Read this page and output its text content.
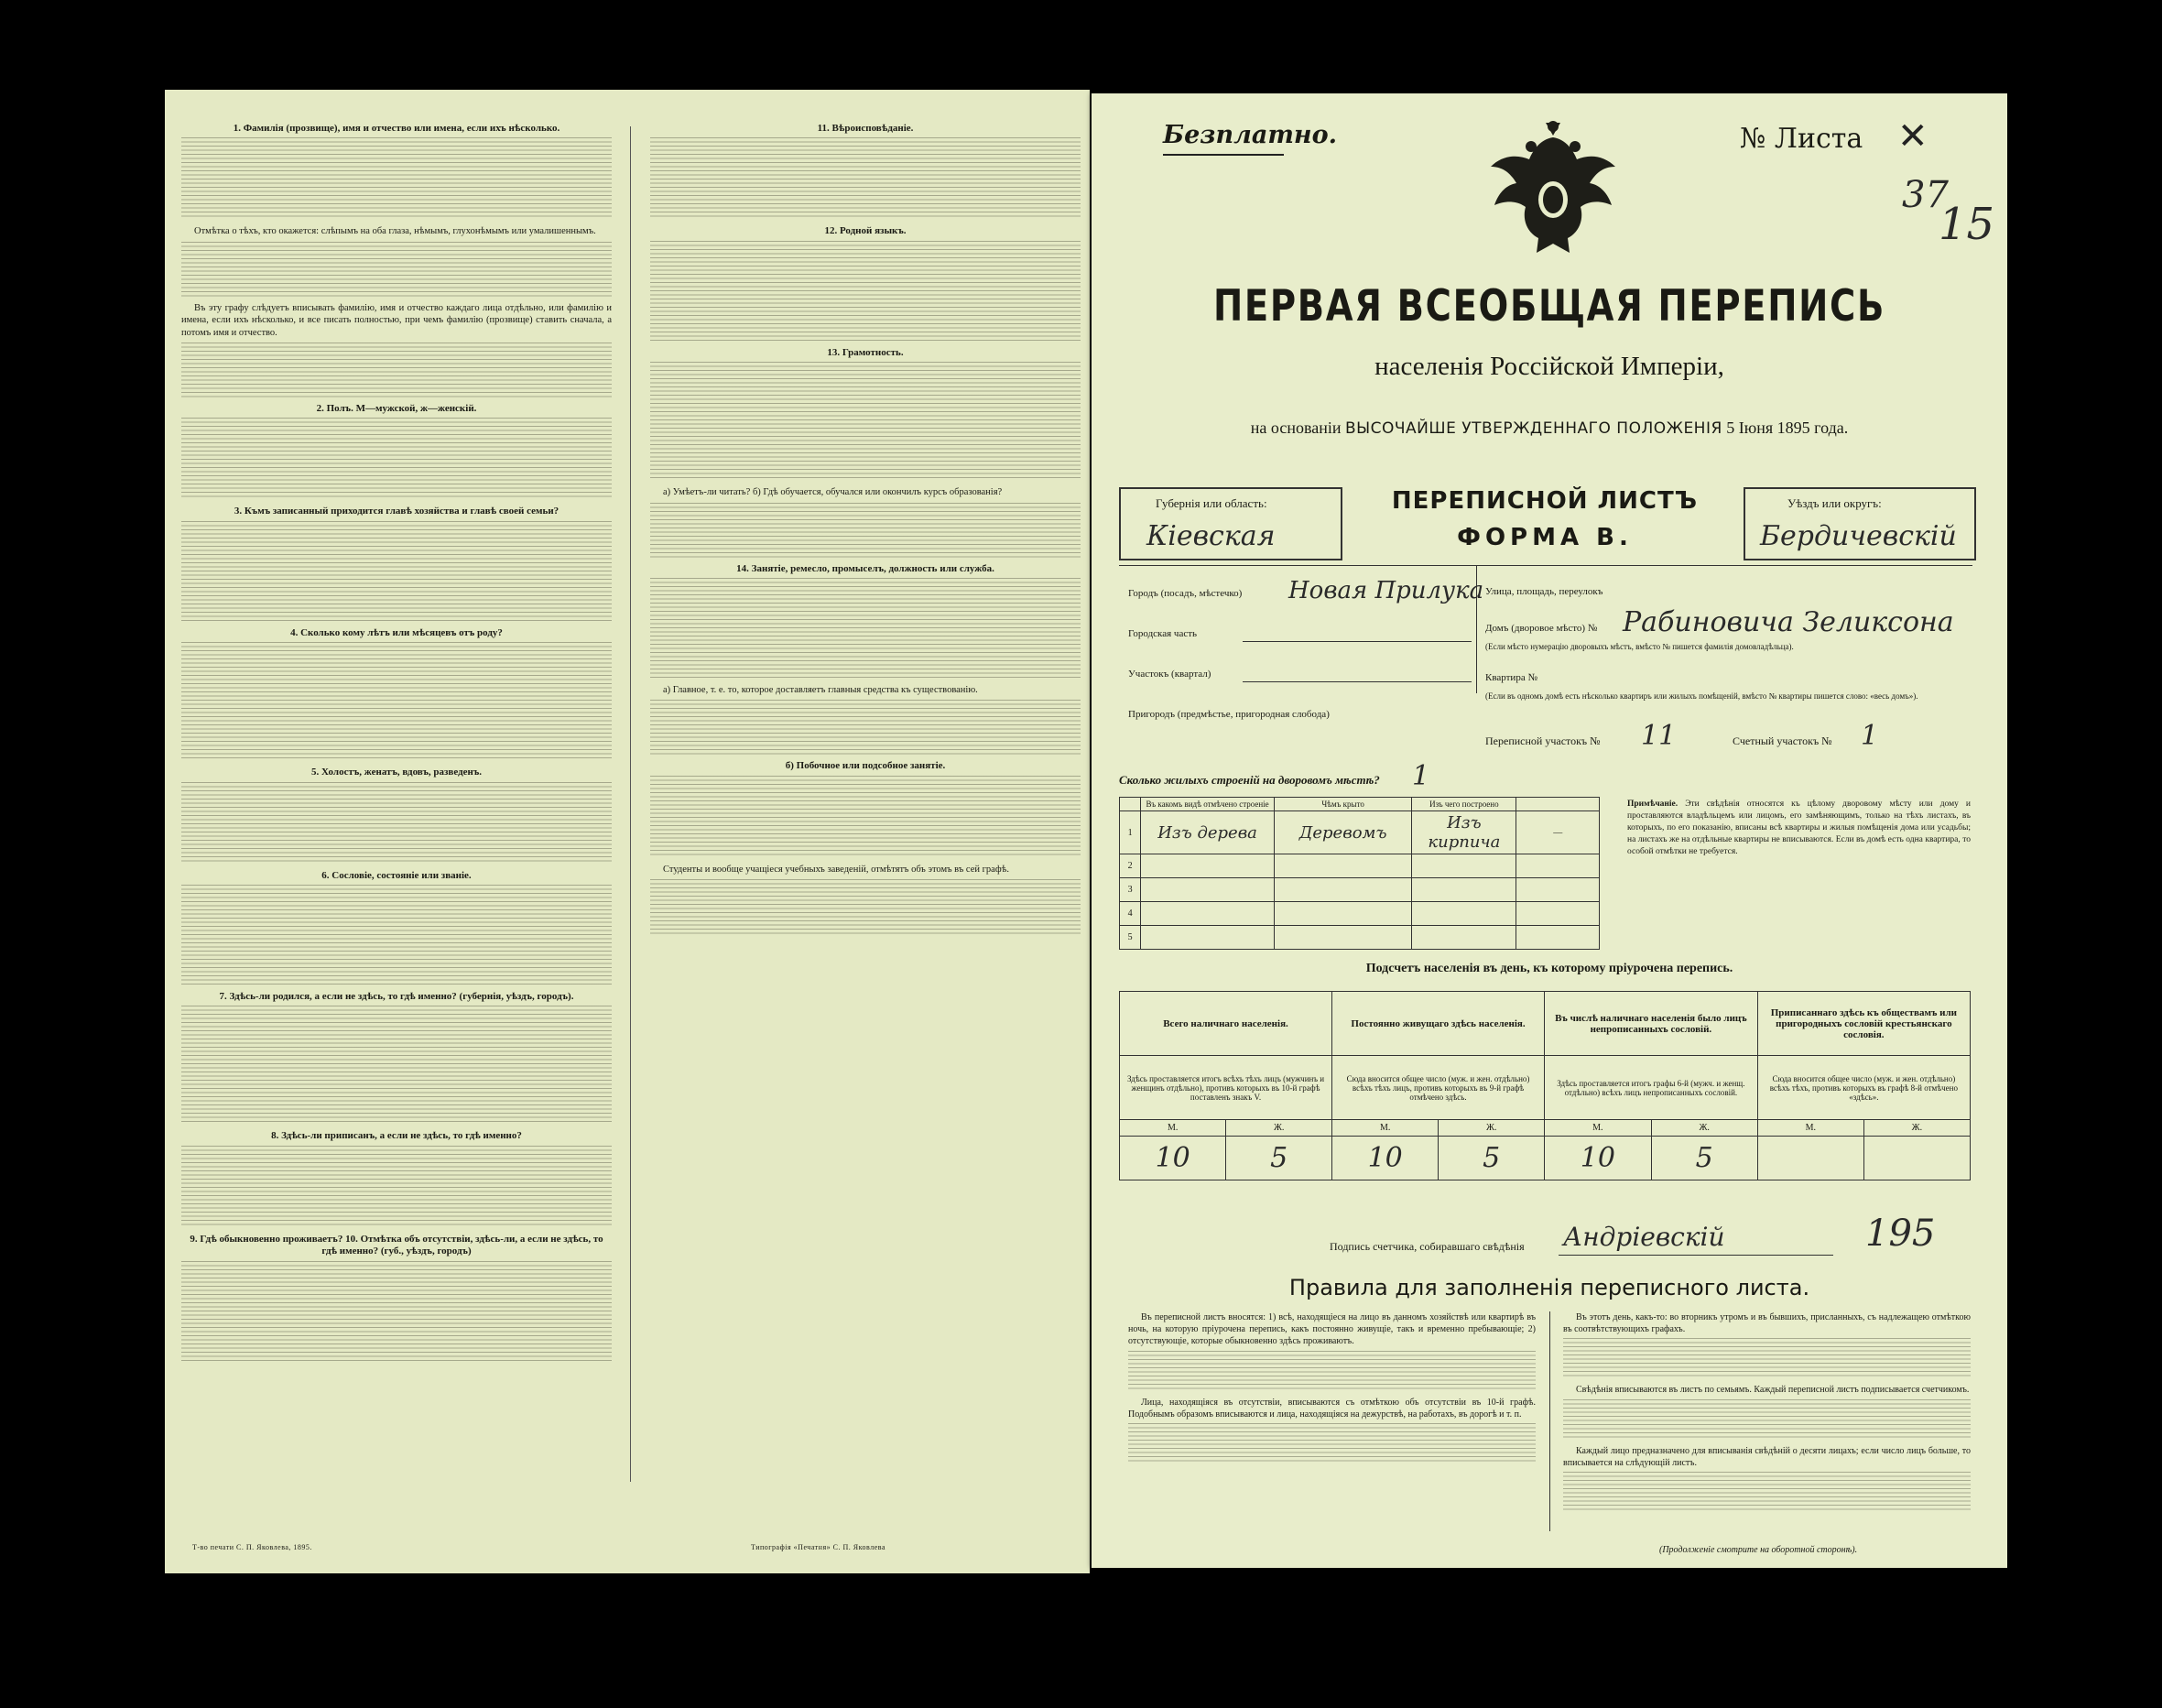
1. Фамилія (прозвище), имя и отчество или имена, если ихъ нѣсколько.

Отмѣтка о тѣхъ, кто окажется: слѣпымъ на оба глаза, нѣмымъ, глухонѣмымъ или умалишеннымъ.

Въ эту графу слѣдуетъ вписывать фамилію, имя и отчество каждаго лица отдѣльно, или фамилію и имена, если ихъ нѣсколько, и все писать полностью, при чемъ фамилію (прозвище) ставить сначала, а потомъ имя и отчество.

2. Полъ. М—мужской, ж—женскій.
3. Къмъ записанный приходится главѣ хозяйства и главѣ своей семьи?
4. Сколько кому лѣтъ или мѣсяцевъ отъ роду?
5. Холостъ, женатъ, вдовъ, разведенъ.
6. Сословіе, состояніе или званіе.
7. Здѣсь-ли родился, а если не здѣсь, то гдѣ именно? (губернія, уѣздъ, городъ).
8. Здѣсь-ли приписанъ, а если не здѣсь, то гдѣ именно?
9. Гдѣ обыкновенно проживаетъ? 10. Отмѣтка объ отсутствіи, здѣсь-ли, а если не здѣсь, то гдѣ именно? (губ., уѣздъ, городъ)
11. Вѣроисповѣданіе.
12. Родной языкъ.
13. Грамотность.

а) Умѣетъ-ли читать? б) Гдѣ обучается, обучался или окончилъ курсъ образованія?

14. Занятіе, ремесло, промыселъ, должность или служба.

а) Главное, т. е. то, которое доставляетъ главныя средства къ существованію.

б) Побочное или подсобное занятіе.

Студенты и вообще учащіеся учебныхъ заведеній, отмѣтятъ объ этомъ въ сей графѣ.

Т-во печати С. П. Яковлева, 1895.	Типографія «Печатня» С. П. Яковлева
Безплатно.	№ Листа ✕
37
15
ПЕРВАЯ ВСЕОБЩАЯ ПЕРЕПИСЬ
населенія Россійской Имперіи,
на основаніи ВЫСОЧАЙШЕ УТВЕРЖДЕННАГО ПОЛОЖЕНІЯ 5 Іюня 1895 года.
Губернія или область:
Кіевская
ПЕРЕПИСНОЙ ЛИСТЪ
ФОРМА В.
Уѣздъ или округъ:
Бердичевскій
Городъ (посадъ, мѣстечко) Новая Прилука
Городская часть
Участокъ (квартал)
Пригородъ (предмѣстье, пригородная слобода)
Улица, площадь, переулокъ
Домъ (дворовое мѣсто) № Рабиновича Зеликсона
(Если мѣсто нумерацію дворовыхъ мѣстъ, вмѣсто № пишется фамилія домовладѣльца).
Квартира №
(Если въ одномъ домѣ есть нѣсколько квартиръ или жилыхъ помѣщеній, вмѣсто № квартиры пишется слово: «весь домъ»).
Переписной участокъ № 11	Счетный участокъ № 1
Сколько жилыхъ строеній на дворовомъ мѣстѣ? 1
	Въ какомъ видѣ отмѣчено строеніе	Чѣмъ крыто	Изъ чего построено	
1	Изъ дерева	Деревомъ	Изъ кирпича	—
2				
3				
4				
5				
Примѣчаніе. Эти свѣдѣнія относятся къ цѣлому дворовому мѣсту или дому и проставляются владѣльцемъ или лицомъ, его замѣняющимъ, только на тѣхъ листахъ, въ которыхъ, по его показанію, вписаны всѣ квартиры и жилыя помѣщенія дома или усадьбы; на листахъ же на отдѣльные квартиры не вписываются. Если въ домѣ есть одна квартира, то особой отмѣтки не требуется.
Подсчетъ населенія въ день, къ которому пріурочена перепись.
Всего наличнаго населенія.		Постоянно живущаго здѣсь населенія.		Въ числѣ наличнаго населенія было лицъ непрописанныхъ сословій.		Приписаннаго здѣсь къ обществамъ или пригородныхъ сословій крестьянскаго сословія.	
Здѣсь проставляется итогъ всѣхъ тѣхъ лицъ (мужчинъ и женщинъ отдѣльно), противъ которыхъ въ 10-й графѣ поставленъ знакъ V.		Сюда вносится общее число (муж. и жен. отдѣльно) всѣхъ тѣхъ лицъ, противъ которыхъ въ 9-й графѣ отмѣчено здѣсь.		Здѣсь проставляется итогъ графы 6-й (мужч. и женщ. отдѣльно) всѣхъ лицъ непрописанныхъ сословій.		Сюда вносится общее число (муж. и жен. отдѣльно) всѣхъ тѣхъ, противъ которыхъ въ графѣ 8-й отмѣчено «здѣсь».	
М.	Ж.	М.	Ж.	М.	Ж.	М.	Ж.
10	5	10	5	10	5		
Подпись счетчика, собиравшаго свѣдѣнія Андріевскій	195
Правила для заполненія переписного листа.

Въ переписной листъ вносятся: 1) всѣ, находящіеся на лицо въ данномъ хозяйствѣ или квартирѣ въ ночь, на которую пріурочена перепись, какъ постоянно живущіе, такъ и временно пребывающіе; 2) отсутствующіе, которые обыкновенно здѣсь проживаютъ.

Лица, находящіяся въ отсутствіи, вписываются съ отмѣткою объ отсутствіи въ 10-й графѣ. Подобнымъ образомъ вписываются и лица, находящіяся на дежурствѣ, на работахъ, въ дорогѣ и т. п.

Въ этотъ день, какъ-то: во вторникъ утромъ и въ бывшихъ, присланныхъ, съ надлежащею отмѣткою въ соотвѣтствующихъ графахъ.

Свѣдѣнія вписываются въ листъ по семьямъ. Каждый переписной листъ подписывается счетчикомъ.

Каждый лицо предназначено для вписыванія свѣдѣній о десяти лицахъ; если число лицъ больше, то вписывается на слѣдующій листъ.

(Продолженіе смотрите на оборотной сторонѣ).
